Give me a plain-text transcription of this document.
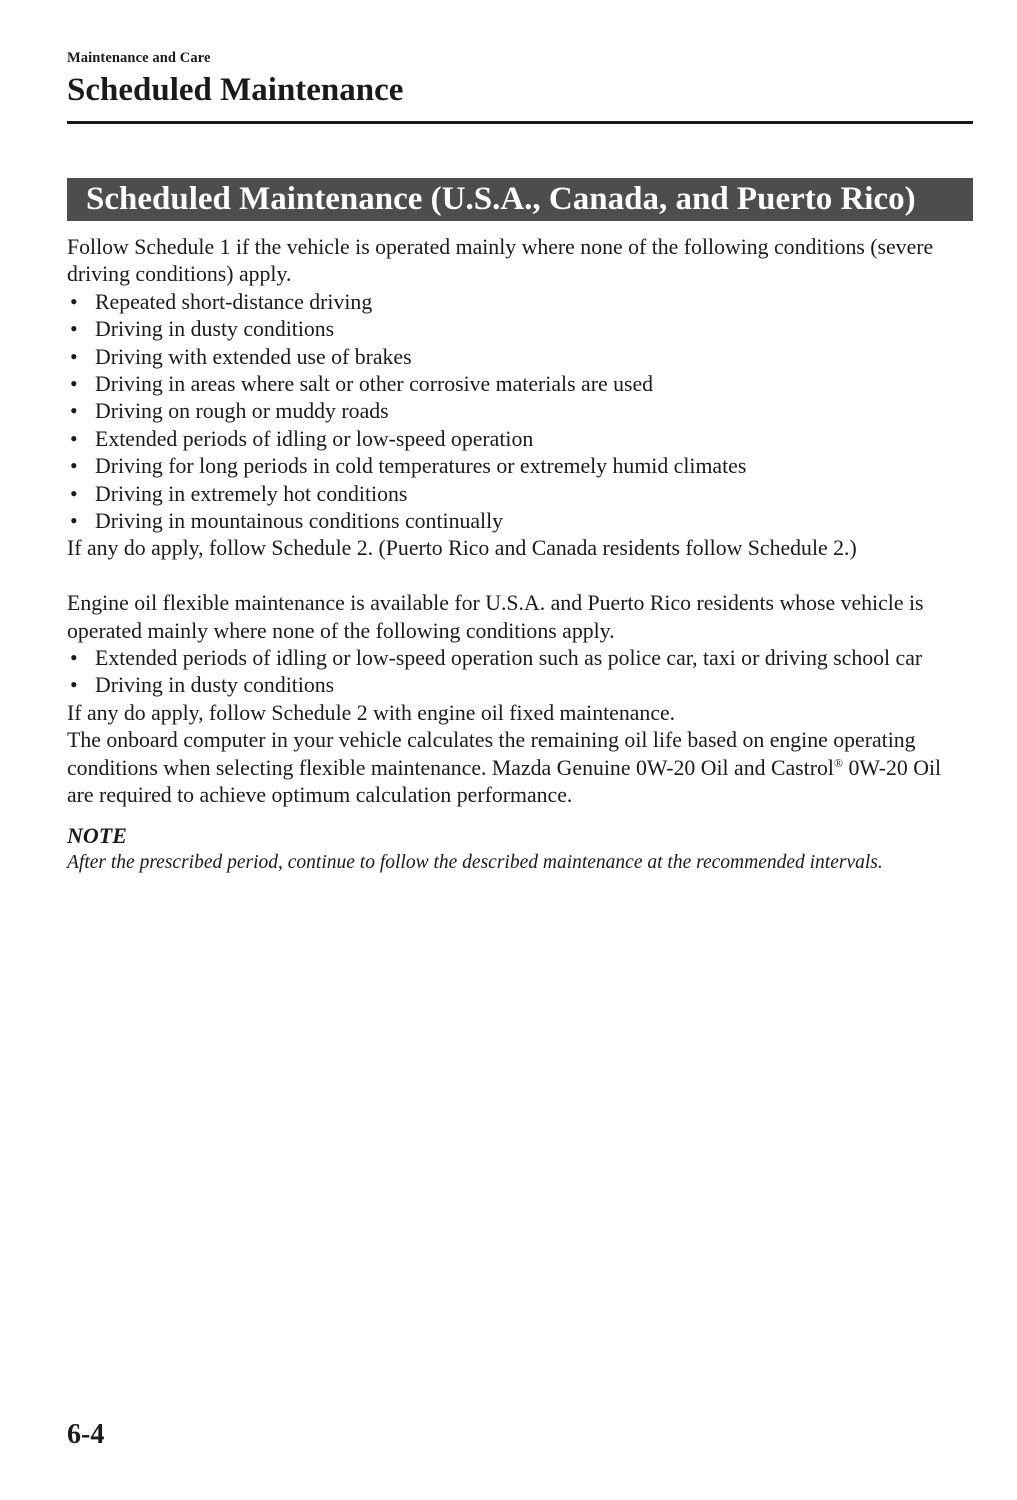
Maintenance and Care
Scheduled Maintenance
Scheduled Maintenance (U.S.A., Canada, and Puerto Rico)

Follow Schedule 1 if the vehicle is operated mainly where none of the following conditions (severe driving conditions) apply.

• Repeated short-distance driving
• Driving in dusty conditions
• Driving with extended use of brakes
• Driving in areas where salt or other corrosive materials are used
• Driving on rough or muddy roads
• Extended periods of idling or low-speed operation
• Driving for long periods in cold temperatures or extremely humid climates
• Driving in extremely hot conditions
• Driving in mountainous conditions continually

If any do apply, follow Schedule 2. (Puerto Rico and Canada residents follow Schedule 2.)

Engine oil flexible maintenance is available for U.S.A. and Puerto Rico residents whose vehicle is operated mainly where none of the following conditions apply.

• Extended periods of idling or low-speed operation such as police car, taxi or driving school car
• Driving in dusty conditions

If any do apply, follow Schedule 2 with engine oil fixed maintenance.

The onboard computer in your vehicle calculates the remaining oil life based on engine operating conditions when selecting flexible maintenance. Mazda Genuine 0W-20 Oil and Castrol® 0W-20 Oil are required to achieve optimum calculation performance.

NOTE

After the prescribed period, continue to follow the described maintenance at the recommended intervals.

6-4
